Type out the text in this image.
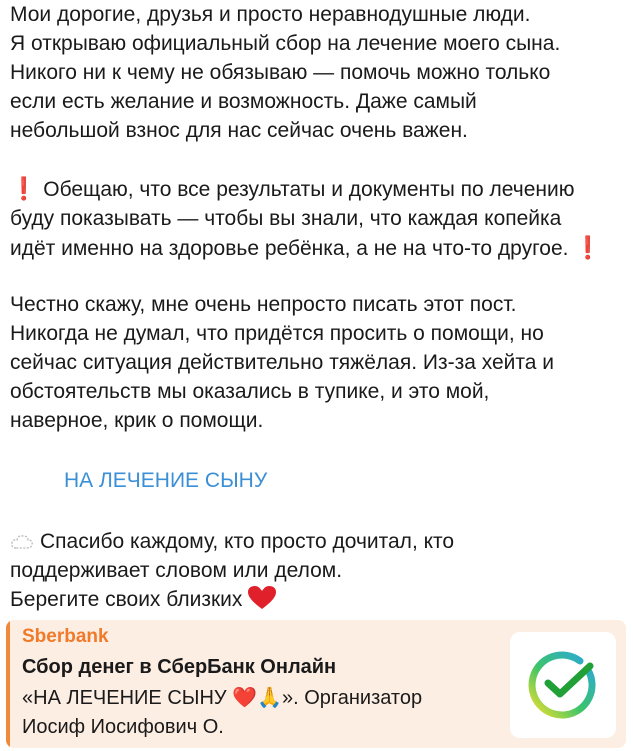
Мои дорогие, друзья и просто неравнодушные люди.
Я открываю официальный сбор на лечение моего сына.
Никого ни к чему не обязываю — помочь можно только
если есть желание и возможность. Даже самый
небольшой взнос для нас сейчас очень важен.

❗ Обещаю, что все результаты и документы по лечению
буду показывать — чтобы вы знали, что каждая копейка
идёт именно на здоровье ребёнка, а не на что-то другое. ❗

Честно скажу, мне очень непросто писать этот пост.
Никогда не думал, что придётся просить о помощи, но
сейчас ситуация действительно тяжёлая. Из-за хейта и
обстоятельств мы оказались в тупике, и это мой,
наверное, крик о помощи.

НА ЛЕЧЕНИЕ СЫНУ

Спасибо каждому, кто просто дочитал, кто
поддерживает словом или делом.
Берегите своих близких

Sberbank
Сбор денег в СберБанк Онлайн
«НА ЛЕЧЕНИЕ СЫНУ ❤️🙏». Организатор
Иосиф Иосифович О.
